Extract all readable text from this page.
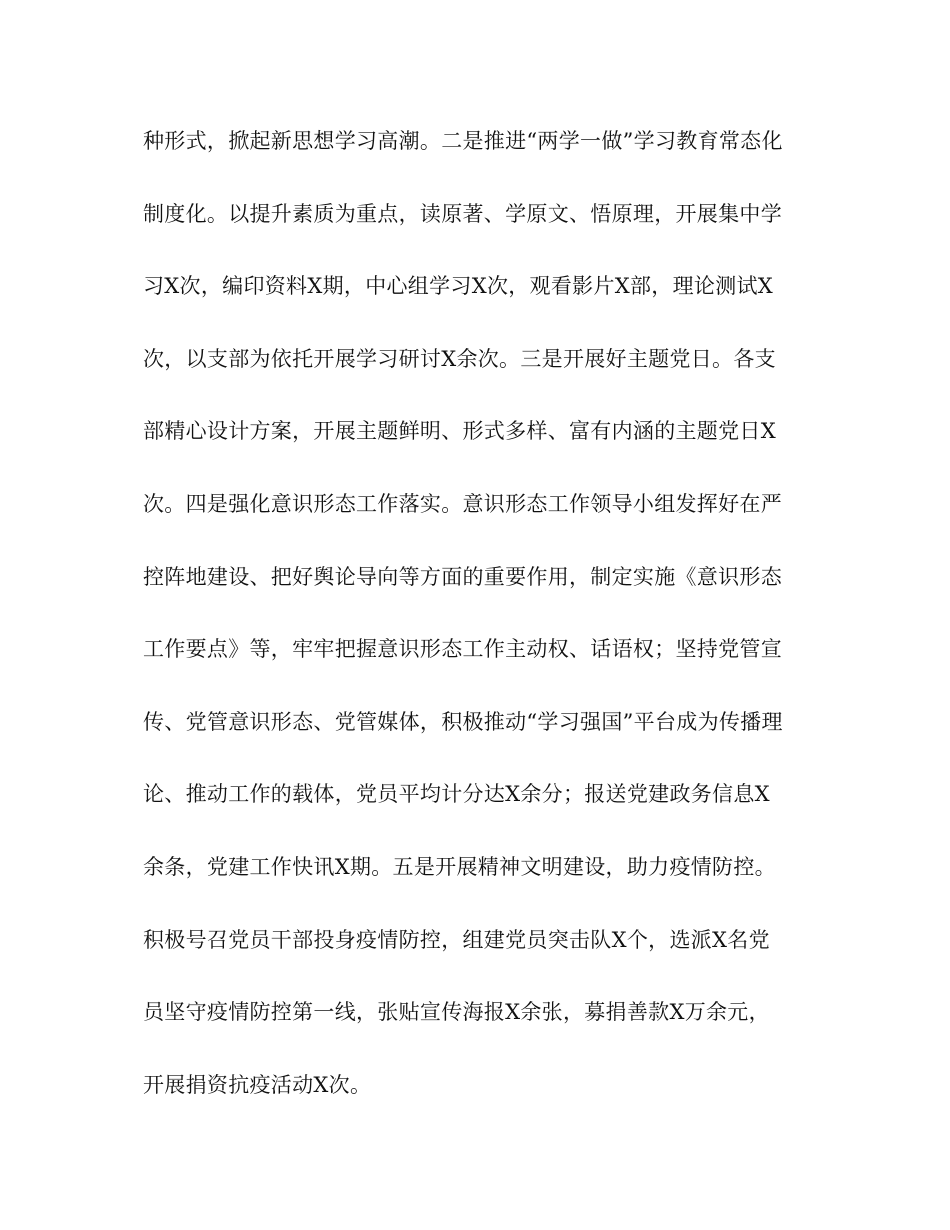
种形式，掀起新思想学习高潮。二是推进“两学一做”学习教育常态化
制度化。以提升素质为重点，读原著、学原文、悟原理，开展集中学
习X次，编印资料X期，中心组学习X次，观看影片X部，理论测试X
次，以支部为依托开展学习研讨X余次。三是开展好主题党日。各支
部精心设计方案，开展主题鲜明、形式多样、富有内涵的主题党日X
次。四是强化意识形态工作落实。意识形态工作领导小组发挥好在严
控阵地建设、把好舆论导向等方面的重要作用，制定实施《意识形态
工作要点》等，牢牢把握意识形态工作主动权、话语权；坚持党管宣
传、党管意识形态、党管媒体，积极推动“学习强国”平台成为传播理
论、推动工作的载体，党员平均计分达X余分；报送党建政务信息X
余条，党建工作快讯X期。五是开展精神文明建设，助力疫情防控。
积极号召党员干部投身疫情防控，组建党员突击队X个，选派X名党
员坚守疫情防控第一线，张贴宣传海报X余张，募捐善款X万余元，
开展捐资抗疫活动X次。
